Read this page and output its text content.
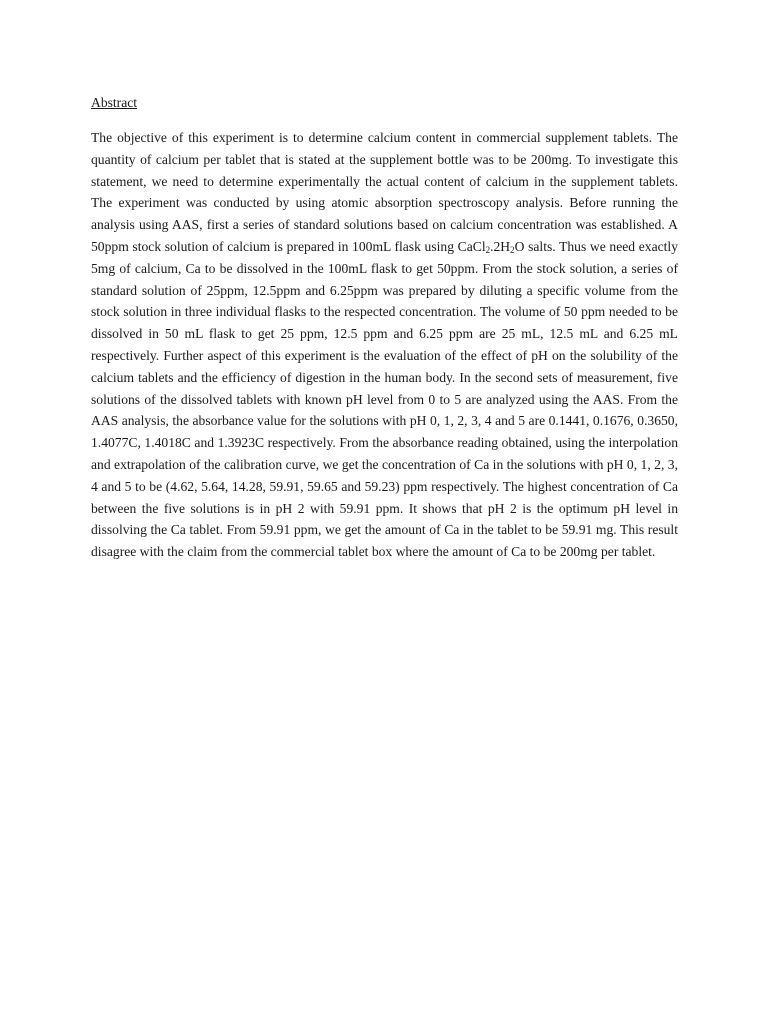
Abstract

The objective of this experiment is to determine calcium content in commercial supplement tablets. The quantity of calcium per tablet that is stated at the supplement bottle was to be 200mg. To investigate this statement, we need to determine experimentally the actual content of calcium in the supplement tablets. The experiment was conducted by using atomic absorption spectroscopy analysis. Before running the analysis using AAS, first a series of standard solutions based on calcium concentration was established. A 50ppm stock solution of calcium is prepared in 100mL flask using $CaCl_2.2H_2O$ salts. Thus we need exactly 5mg of calcium, Ca to be dissolved in the 100mL flask to get 50ppm. From the stock solution, a series of standard solution of 25ppm, 12.5ppm and 6.25ppm was prepared by diluting a specific volume from the stock solution in three individual flasks to the respected concentration. The volume of 50 ppm needed to be dissolved in 50 mL flask to get 25 ppm, 12.5 ppm and 6.25 ppm are 25 mL, 12.5 mL and 6.25 mL respectively. Further aspect of this experiment is the evaluation of the effect of pH on the solubility of the calcium tablets and the efficiency of digestion in the human body. In the second sets of measurement, five solutions of the dissolved tablets with known pH level from 0 to 5 are analyzed using the AAS. From the AAS analysis, the absorbance value for the solutions with pH 0, 1, 2, 3, 4 and 5 are 0.1441, 0.1676, 0.3650, 1.4077C, 1.4018C and 1.3923C respectively. From the absorbance reading obtained, using the interpolation and extrapolation of the calibration curve, we get the concentration of Ca in the solutions with pH 0, 1, 2, 3, 4 and 5 to be (4.62, 5.64, 14.28, 59.91, 59.65 and 59.23) ppm respectively. The highest concentration of Ca between the five solutions is in pH 2 with 59.91 ppm. It shows that pH 2 is the optimum pH level in dissolving the Ca tablet. From 59.91 ppm, we get the amount of Ca in the tablet to be 59.91 mg. This result disagree with the claim from the commercial tablet box where the amount of Ca to be 200mg per tablet.
